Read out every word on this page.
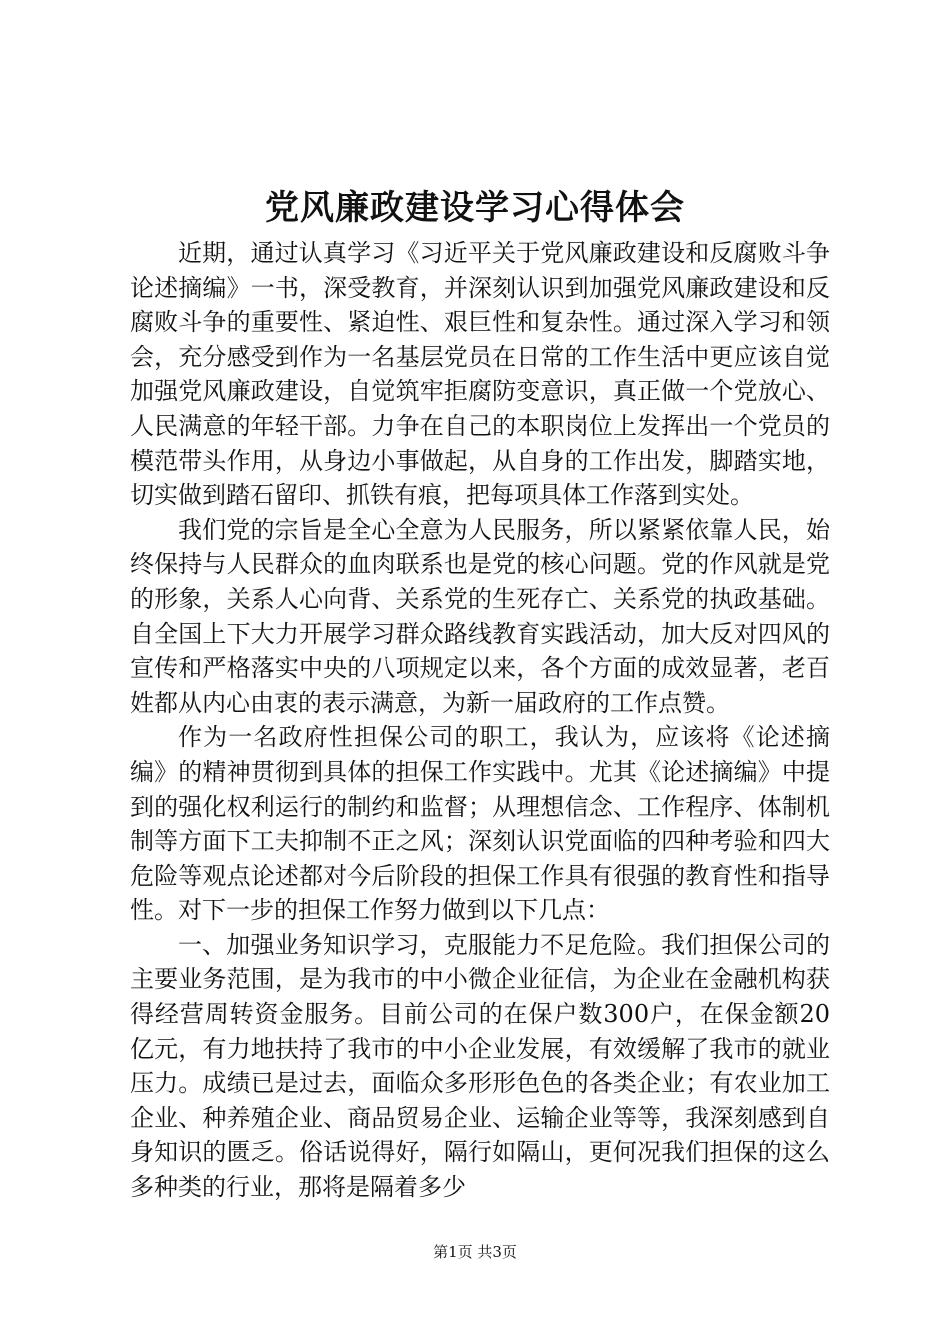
党风廉政建设学习心得体会

近期，通过认真学习《习近平关于党风廉政建设和反腐败斗争论述摘编》一书，深受教育，并深刻认识到加强党风廉政建设和反腐败斗争的重要性、紧迫性、艰巨性和复杂性。通过深入学习和领会，充分感受到作为一名基层党员在日常的工作生活中更应该自觉加强党风廉政建设，自觉筑牢拒腐防变意识，真正做一个党放心、人民满意的年轻干部。力争在自己的本职岗位上发挥出一个党员的模范带头作用，从身边小事做起，从自身的工作出发，脚踏实地，切实做到踏石留印、抓铁有痕，把每项具体工作落到实处。

我们党的宗旨是全心全意为人民服务，所以紧紧依靠人民，始终保持与人民群众的血肉联系也是党的核心问题。党的作风就是党的形象，关系人心向背、关系党的生死存亡、关系党的执政基础。自全国上下大力开展学习群众路线教育实践活动，加大反对四风的宣传和严格落实中央的八项规定以来，各个方面的成效显著，老百姓都从内心由衷的表示满意，为新一届政府的工作点赞。

作为一名政府性担保公司的职工，我认为，应该将《论述摘编》的精神贯彻到具体的担保工作实践中。尤其《论述摘编》中提到的强化权利运行的制约和监督；从理想信念、工作程序、体制机制等方面下工夫抑制不正之风；深刻认识党面临的四种考验和四大危险等观点论述都对今后阶段的担保工作具有很强的教育性和指导性。对下一步的担保工作努力做到以下几点：

一、加强业务知识学习，克服能力不足危险。我们担保公司的主要业务范围，是为我市的中小微企业征信，为企业在金融机构获得经营周转资金服务。目前公司的在保户数300户，在保金额20亿元，有力地扶持了我市的中小企业发展，有效缓解了我市的就业压力。成绩已是过去，面临众多形形色色的各类企业；有农业加工企业、种养殖企业、商品贸易企业、运输企业等等，我深刻感到自身知识的匮乏。俗话说得好，隔行如隔山，更何况我们担保的这么多种类的行业，那将是隔着多少

第1页 共3页
